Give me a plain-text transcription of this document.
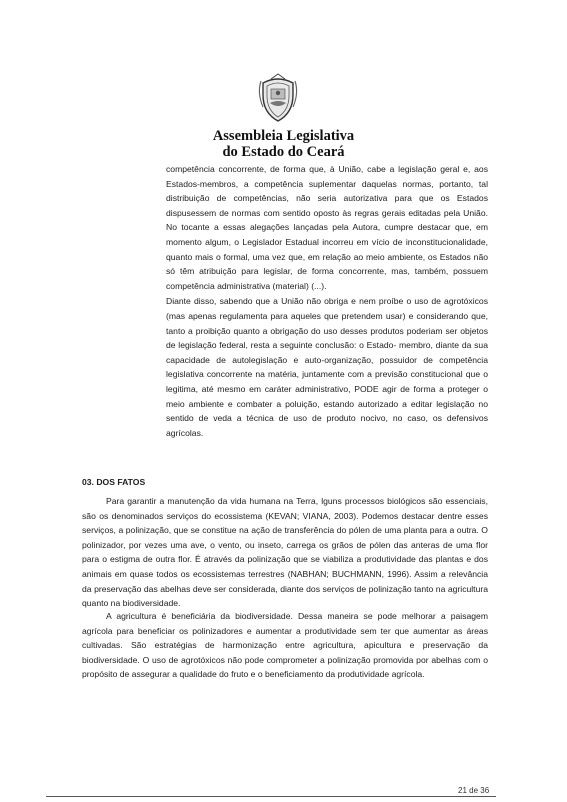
Assembleia Legislativa
do Estado do Ceará

competência concorrente, de forma que, à União, cabe a legislação geral e, aos Estados-membros, a competência suplementar daquelas normas, portanto, tal distribuição de competências, não seria autorizativa para que os Estados dispusessem de normas com sentido oposto às regras gerais editadas pela União. No tocante a essas alegações lançadas pela Autora, cumpre destacar que, em momento algum, o Legislador Estadual incorreu em vício de inconstitucionalidade, quanto mais o formal, uma vez que, em relação ao meio ambiente, os Estados não só têm atribuição para legislar, de forma concorrente, mas, também, possuem competência administrativa (material) (...).

Diante disso, sabendo que a União não obriga e nem proíbe o uso de agrotóxicos (mas apenas regulamenta para aqueles que pretendem usar) e considerando que, tanto a proibição quanto a obrigação do uso desses produtos poderiam ser objetos de legislação federal, resta a seguinte conclusão: o Estado- membro, diante da sua capacidade de autolegislação e auto-organização, possuidor de competência legislativa concorrente na matéria, juntamente com a previsão constitucional que o legitima, até mesmo em caráter administrativo, PODE agir de forma a proteger o meio ambiente e combater a poluição, estando autorizado a editar legislação no sentido de veda a técnica de uso de produto nocivo, no caso, os defensivos agrícolas.

03. DOS FATOS

Para garantir a manutenção da vida humana na Terra, lguns processos biológicos são essenciais, são os denominados serviços do ecossistema (KEVAN; VIANA, 2003). Podemos destacar dentre esses serviços, a polinização, que se constitue na ação de transferência do pólen de uma planta para a outra. O polinizador, por vezes uma ave, o vento, ou inseto, carrega os grãos de pólen das anteras de uma flor para o estigma de outra flor. É através da polinização que se viabiliza a produtividade das plantas e dos animais em quase todos os ecossistemas terrestres (NABHAN; BUCHMANN, 1996). Assim a relevância da preservação das abelhas deve ser considerada, diante dos serviços de polinização tanto na agricultura quanto na biodiversidade.

A agricultura é beneficiária da biodiversidade. Dessa maneira se pode melhorar a paisagem agrícola para beneficiar os polinizadores e aumentar a produtividade sem ter que aumentar as áreas cultivadas. São estratégias de harmonização entre agricultura, apicultura e preservação da biodiversidade. O uso de agrotóxicos não pode comprometer a polinização promovida por abelhas com o propósito de assegurar a qualidade do fruto e o beneficiamento da produtividade agrícola.

21 de 36
